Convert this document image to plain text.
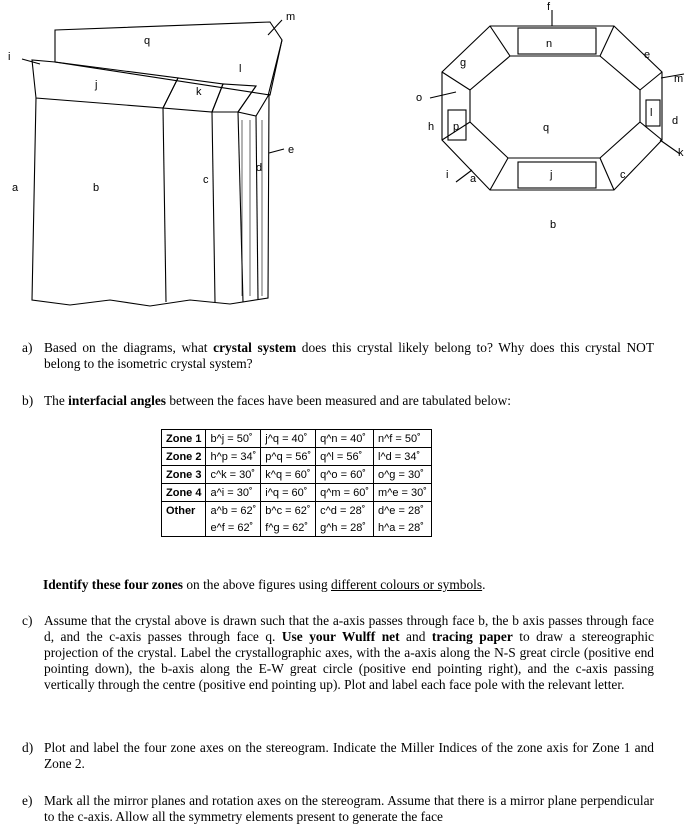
m
i
q
j
k
l
e
a	b
c
d
f
n
e
m
g
o
d
l
h p	q
k
i a	j	c
b
a) Based on the diagrams, what crystal system does this crystal likely belong to? Why does this crystal NOT belong to the isometric crystal system?
b) The interfacial angles between the faces have been measured and are tabulated below:
Zone 1	b^j = 50˚	j^q = 40˚	q^n = 40˚	n^f = 50˚
Zone 2	h^p = 34˚	p^q = 56˚	q^l = 56˚	l^d = 34˚
Zone 3	c^k = 30˚	k^q = 60˚	q^o = 60˚	o^g = 30˚
Zone 4	a^i = 30˚	i^q = 60˚	q^m = 60˚	m^e = 30˚
Other	a^b = 62˚	b^c = 62˚	c^d = 28˚	d^e = 28˚
	e^f = 62˚	f^g = 62˚	g^h = 28˚	h^a = 28˚
Identify these four zones on the above figures using different colours or symbols.
c) Assume that the crystal above is drawn such that the a-axis passes through face b, the b axis passes through face d, and the c-axis passes through face q. Use your Wulff net and tracing paper to draw a stereographic projection of the crystal. Label the crystallographic axes, with the a-axis along the N-S great circle (positive end pointing down), the b-axis along the E-W great circle (positive end pointing right), and the c-axis passing vertically through the centre (positive end pointing up). Plot and label each face pole with the relevant letter.
d) Plot and label the four zone axes on the stereogram. Indicate the Miller Indices of the zone axis for Zone 1 and Zone 2.
e) Mark all the mirror planes and rotation axes on the stereogram. Assume that there is a mirror plane perpendicular to the c-axis. Allow all the symmetry elements present to generate the face
